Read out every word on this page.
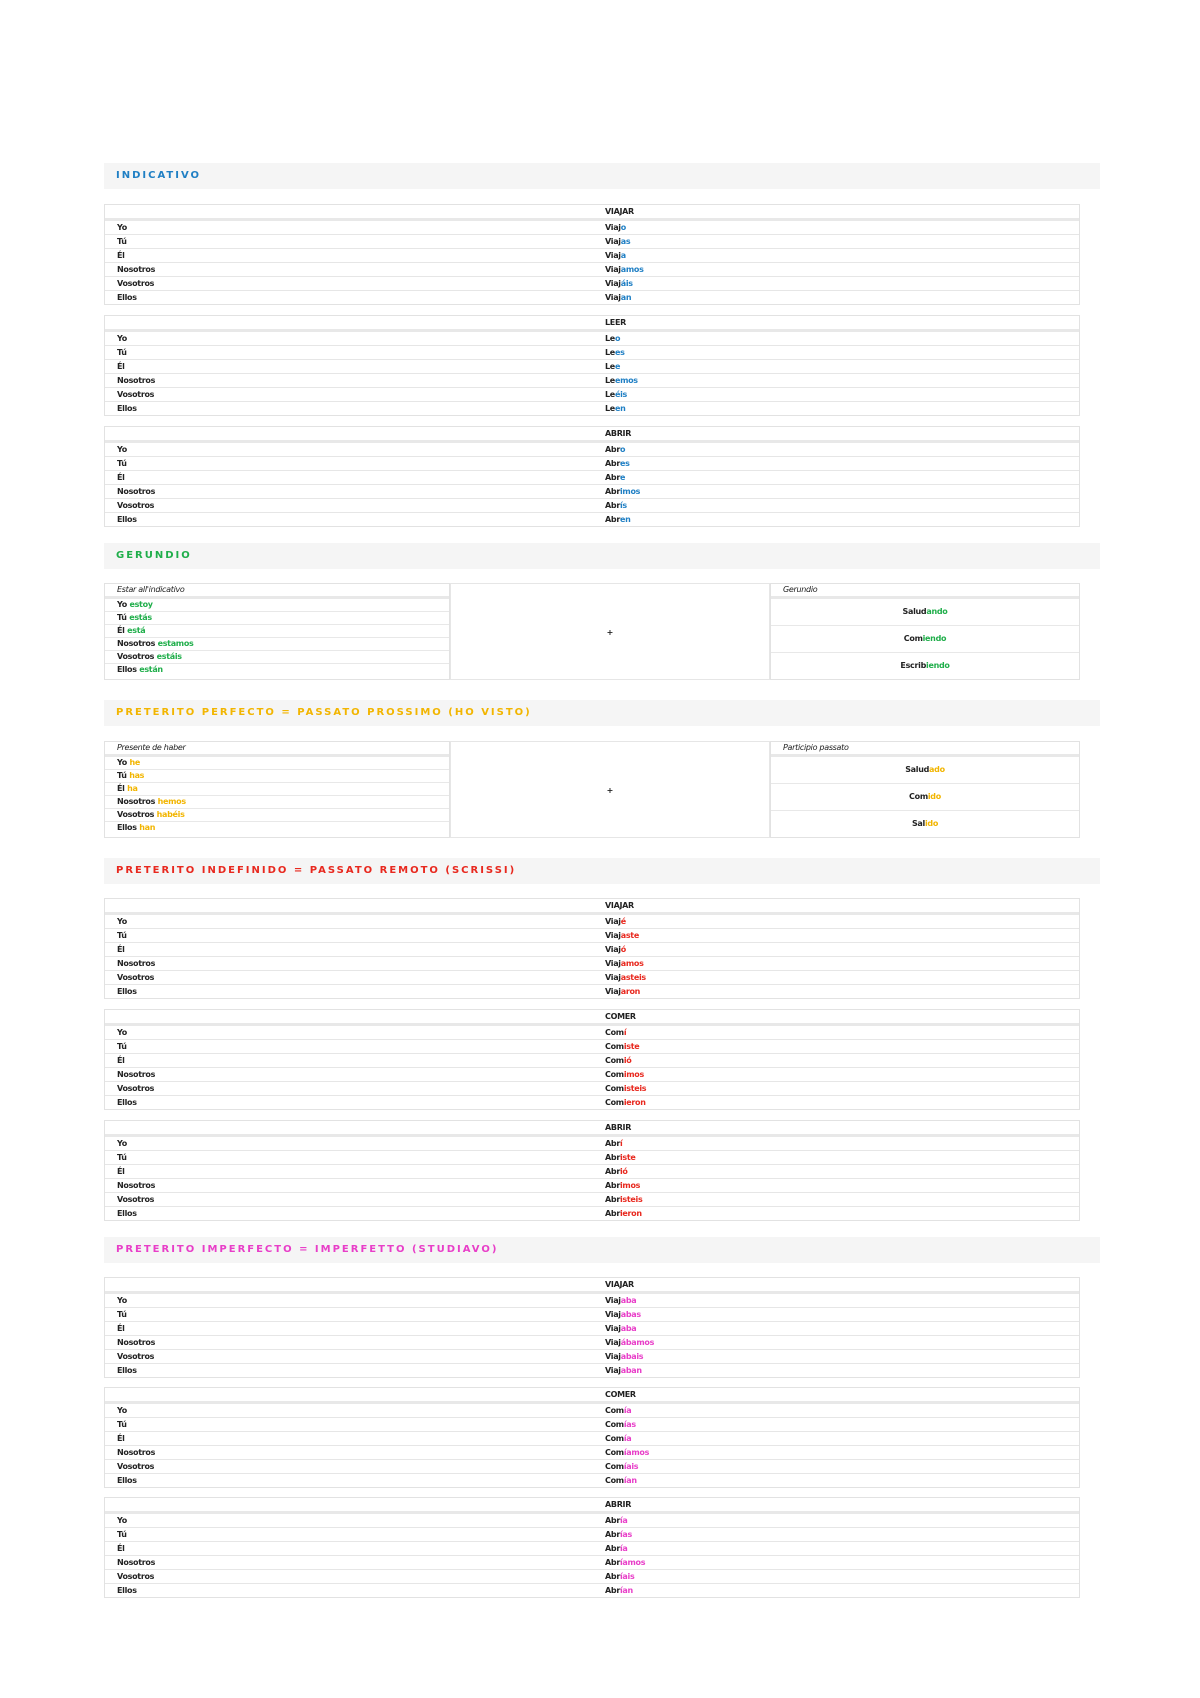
INDICATIVO
VIAJAR
Yo	Viajo
Tú	Viajas
Él	Viaja
Nosotros	Viajamos
Vosotros	Viajáis
Ellos	Viajan
LEER
Yo	Leo
Tú	Lees
Él	Lee
Nosotros	Leemos
Vosotros	Leéis
Ellos	Leen
ABRIR
Yo	Abro
Tú	Abres
Él	Abre
Nosotros	Abrimos
Vosotros	Abrís
Ellos	Abren
GERUNDIO
Estar all'indicativo
Yo estoy
Tú estás
Él está
Nosotros estamos
Vosotros estáis
Ellos están
+
Gerundio
Saludando
Comiendo
Escribiendo
PRETERITO PERFECTO = PASSATO PROSSIMO (HO VISTO)
Presente de haber
Yo he
Tú has
Él ha
Nosotros hemos
Vosotros habéis
Ellos han
+
Participio passato
Saludado
Comido
Salido
PRETERITO INDEFINIDO = PASSATO REMOTO (SCRISSI)
VIAJAR
Yo	Viajé
Tú	Viajaste
Él	Viajó
Nosotros	Viajamos
Vosotros	Viajasteis
Ellos	Viajaron
COMER
Yo	Comí
Tú	Comiste
Él	Comió
Nosotros	Comimos
Vosotros	Comisteis
Ellos	Comieron
ABRIR
Yo	Abrí
Tú	Abriste
Él	Abrió
Nosotros	Abrimos
Vosotros	Abristeis
Ellos	Abrieron
PRETERITO IMPERFECTO = IMPERFETTO (STUDIAVO)
VIAJAR
Yo	Viajaba
Tú	Viajabas
Él	Viajaba
Nosotros	Viajábamos
Vosotros	Viajabais
Ellos	Viajaban
COMER
Yo	Comía
Tú	Comías
Él	Comía
Nosotros	Comíamos
Vosotros	Comíais
Ellos	Comían
ABRIR
Yo	Abría
Tú	Abrías
Él	Abría
Nosotros	Abríamos
Vosotros	Abríais
Ellos	Abrían
